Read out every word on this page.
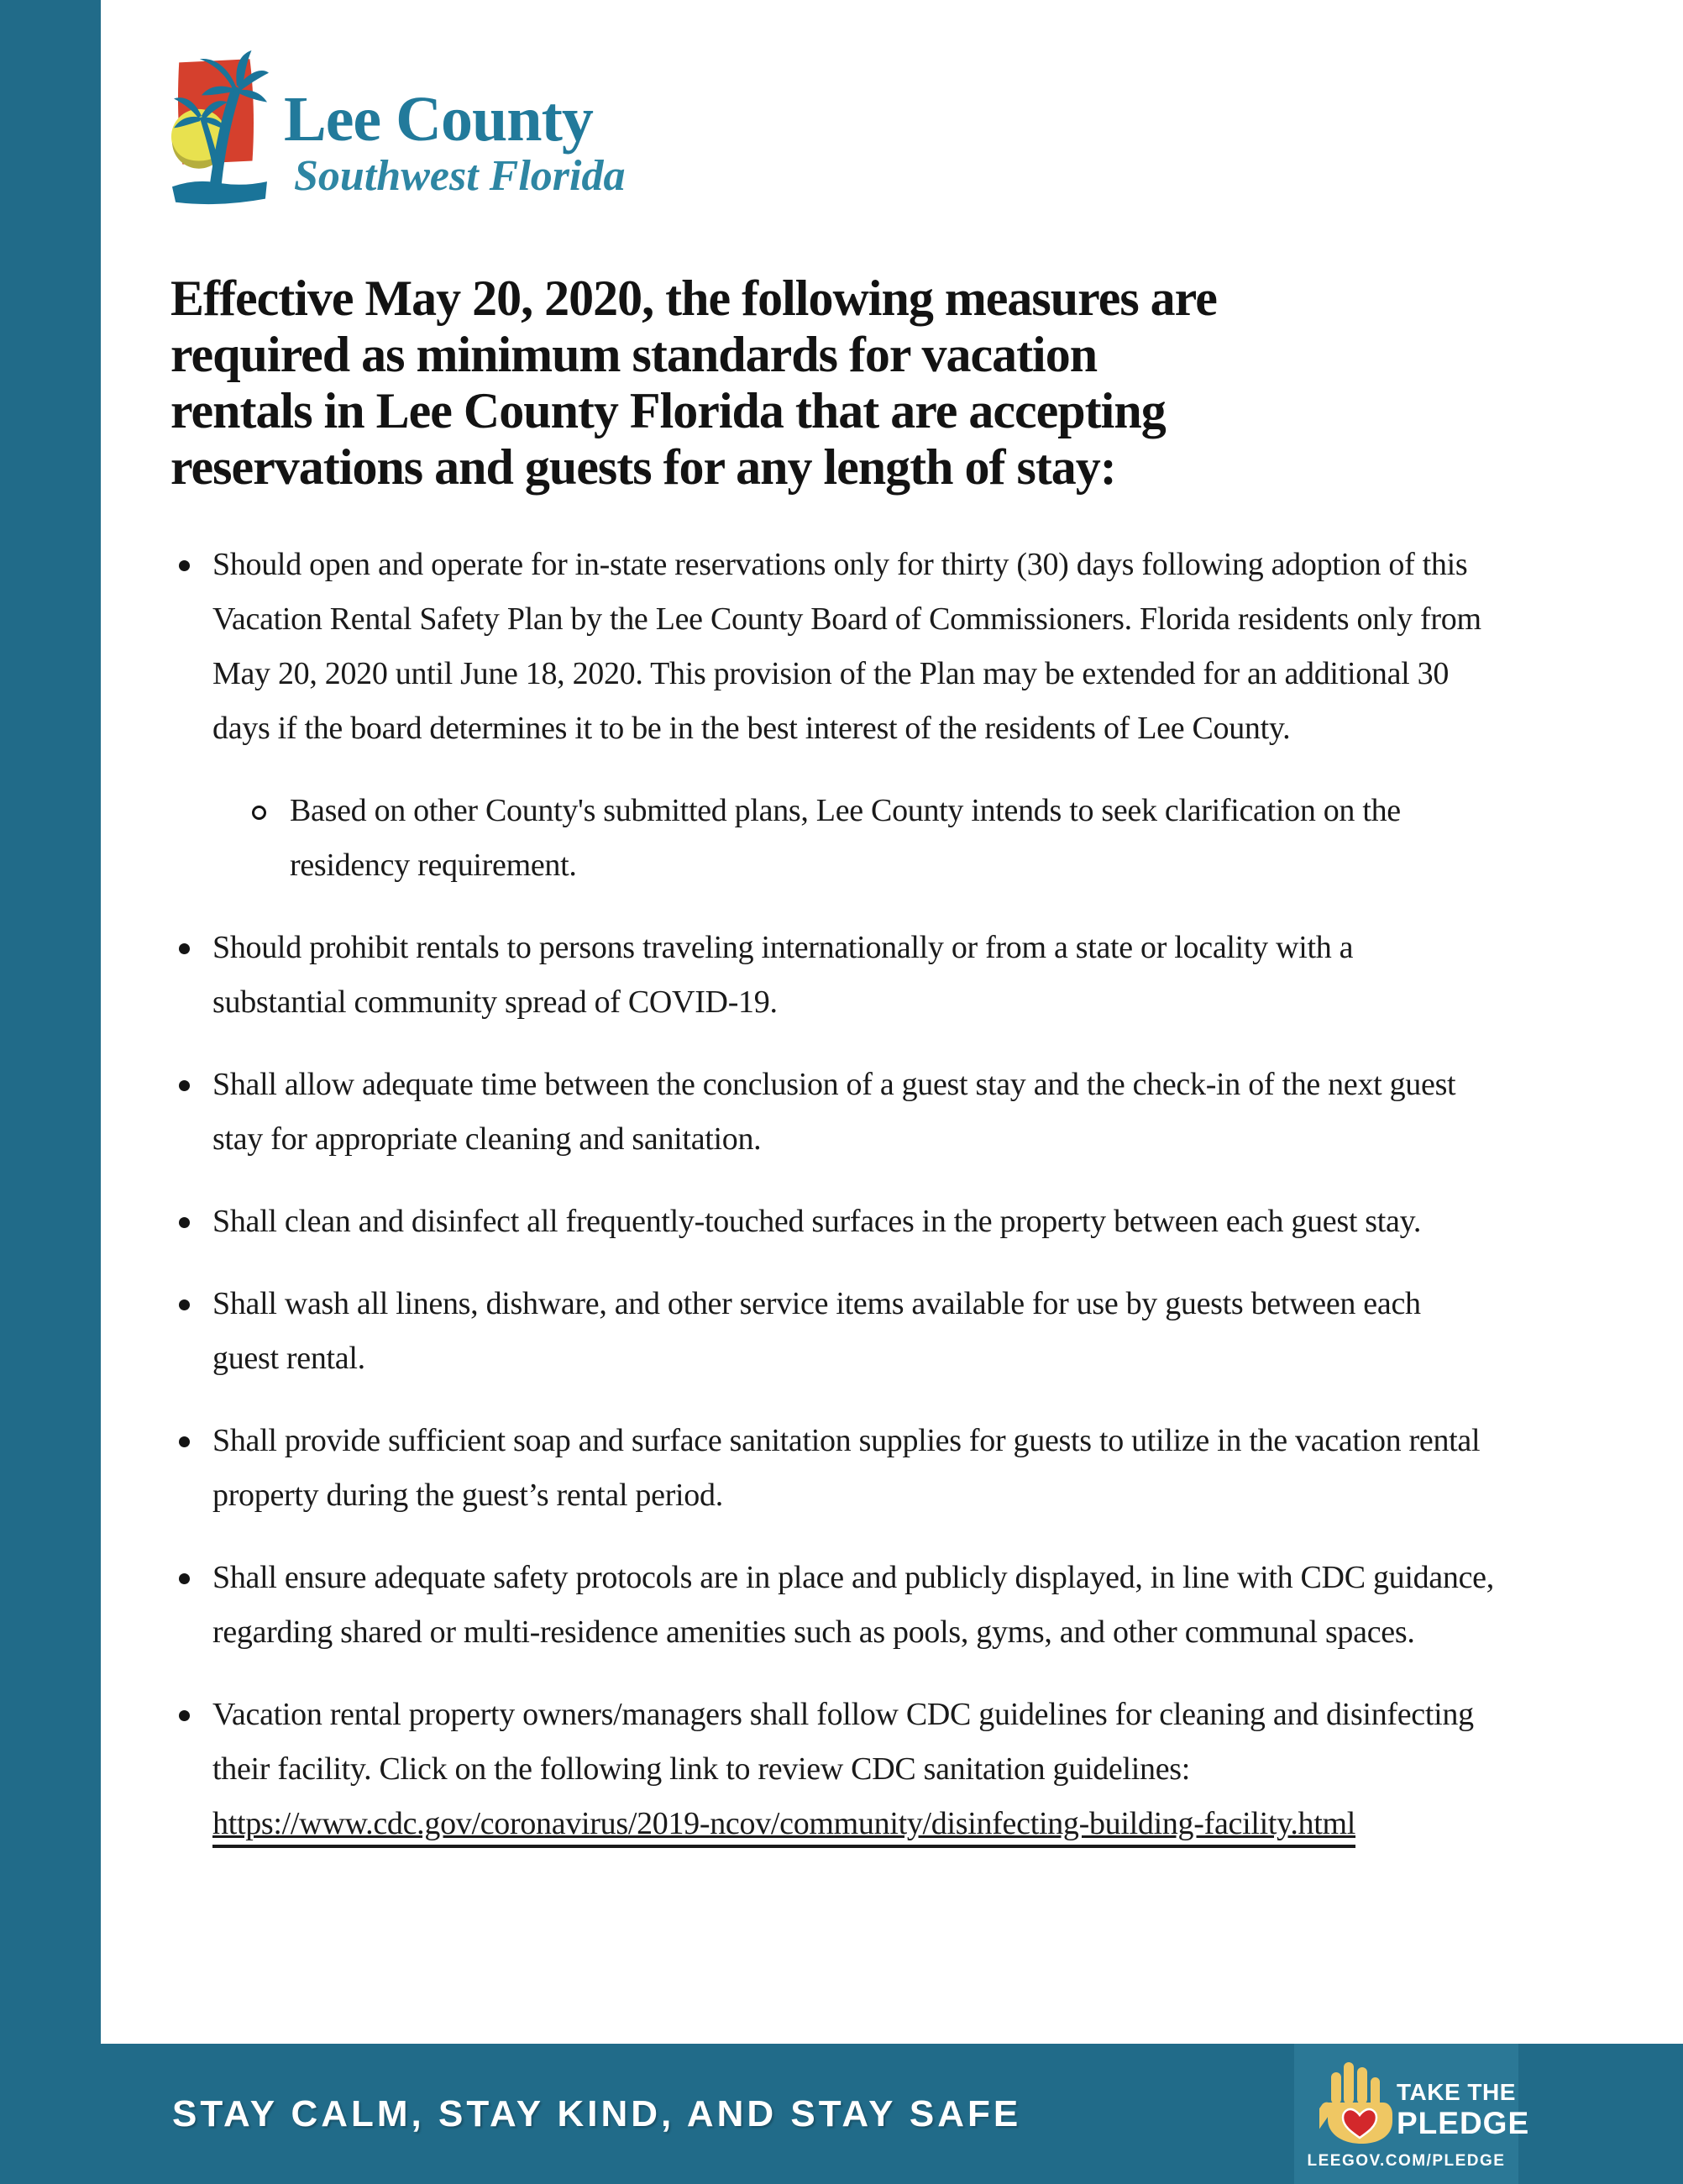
Lee County
Southwest Florida
Effective May 20, 2020, the following measures are
required as minimum standards for vacation
rentals in Lee County Florida that are accepting
reservations and guests for any length of stay:

Should open and operate for in-state reservations only for thirty (30) days following adoption of this Vacation Rental Safety Plan by the Lee County Board of Commissioners. Florida residents only from May 20, 2020 until June 18, 2020. This provision of the Plan may be extended for an additional 30 days if the board determines it to be in the best interest of the residents of Lee County.

Based on other County's submitted plans, Lee County intends to seek clarification on the residency requirement.

Should prohibit rentals to persons traveling internationally or from a state or locality with a substantial community spread of COVID-19.

Shall allow adequate time between the conclusion of a guest stay and the check-in of the next guest stay for appropriate cleaning and sanitation.

Shall clean and disinfect all frequently-touched surfaces in the property between each guest stay.

Shall wash all linens, dishware, and other service items available for use by guests between each guest rental.

Shall provide sufficient soap and surface sanitation supplies for guests to utilize in the vacation rental property during the guest’s rental period.

Shall ensure adequate safety protocols are in place and publicly displayed, in line with CDC guidance, regarding shared or multi-residence amenities such as pools, gyms, and other communal spaces.

Vacation rental property owners/managers shall follow CDC guidelines for cleaning and disinfecting their facility. Click on the following link to review CDC sanitation guidelines: https://www.cdc.gov/coronavirus/2019-ncov/community/disinfecting-building-facility.html

STAY CALM, STAY KIND, AND STAY SAFE
TAKE THE
PLEDGE
LEEGOV.COM/PLEDGE
